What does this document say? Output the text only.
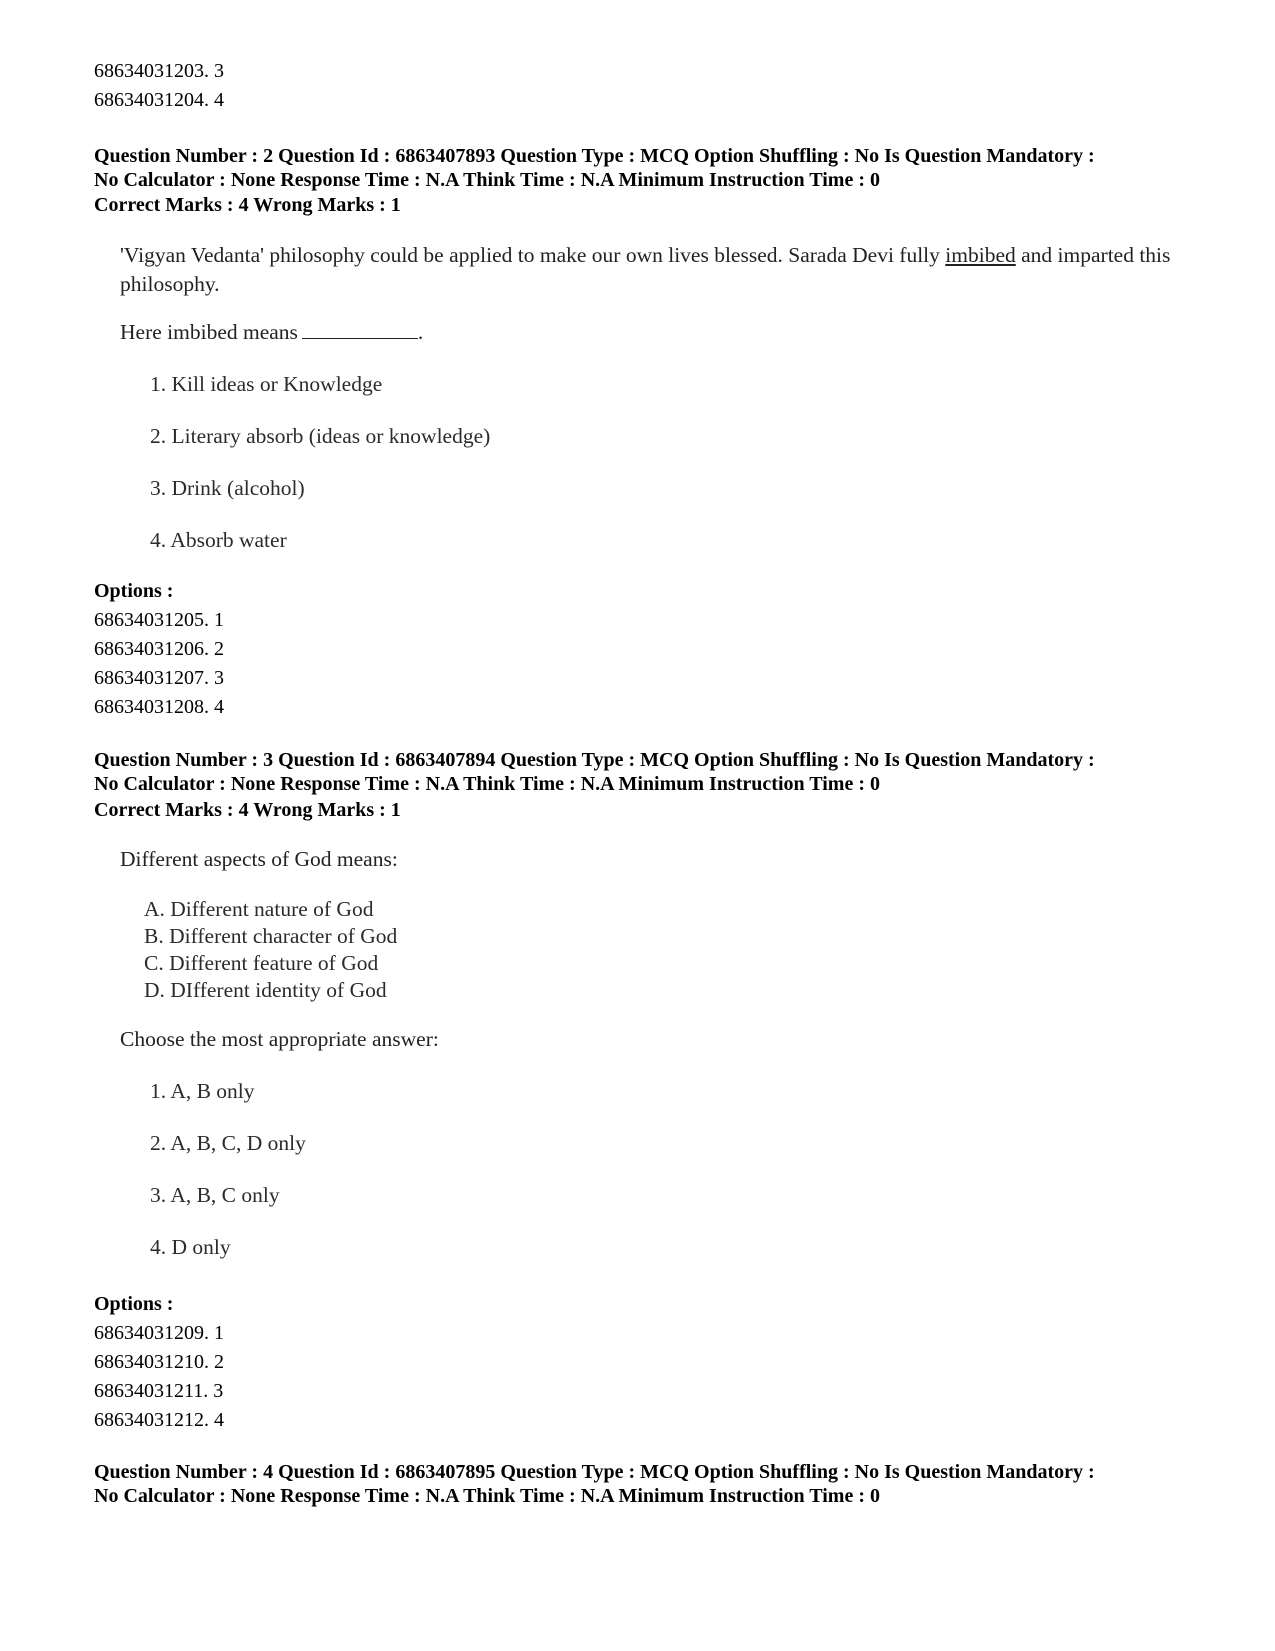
68634031203. 3
68634031204. 4
Question Number : 2 Question Id : 6863407893 Question Type : MCQ Option Shuffling : No Is Question Mandatory :
No Calculator : None Response Time : N.A Think Time : N.A Minimum Instruction Time : 0
Correct Marks : 4 Wrong Marks : 1
'Vigyan Vedanta' philosophy could be applied to make our own lives blessed. Sarada Devi fully imbibed and imparted this philosophy.
Here imbibed means	.
1. Kill ideas or Knowledge
2. Literary absorb (ideas or knowledge)
3. Drink (alcohol)
4. Absorb water
Options :
68634031205. 1
68634031206. 2
68634031207. 3
68634031208. 4
Question Number : 3 Question Id : 6863407894 Question Type : MCQ Option Shuffling : No Is Question Mandatory :
No Calculator : None Response Time : N.A Think Time : N.A Minimum Instruction Time : 0
Correct Marks : 4 Wrong Marks : 1
Different aspects of God means:
A. Different nature of God
B. Different character of God
C. Different feature of God
D. DIfferent identity of God
Choose the most appropriate answer:
1. A, B only
2. A, B, C, D only
3. A, B, C only
4. D only
Options :
68634031209. 1
68634031210. 2
68634031211. 3
68634031212. 4
Question Number : 4 Question Id : 6863407895 Question Type : MCQ Option Shuffling : No Is Question Mandatory :
No Calculator : None Response Time : N.A Think Time : N.A Minimum Instruction Time : 0
